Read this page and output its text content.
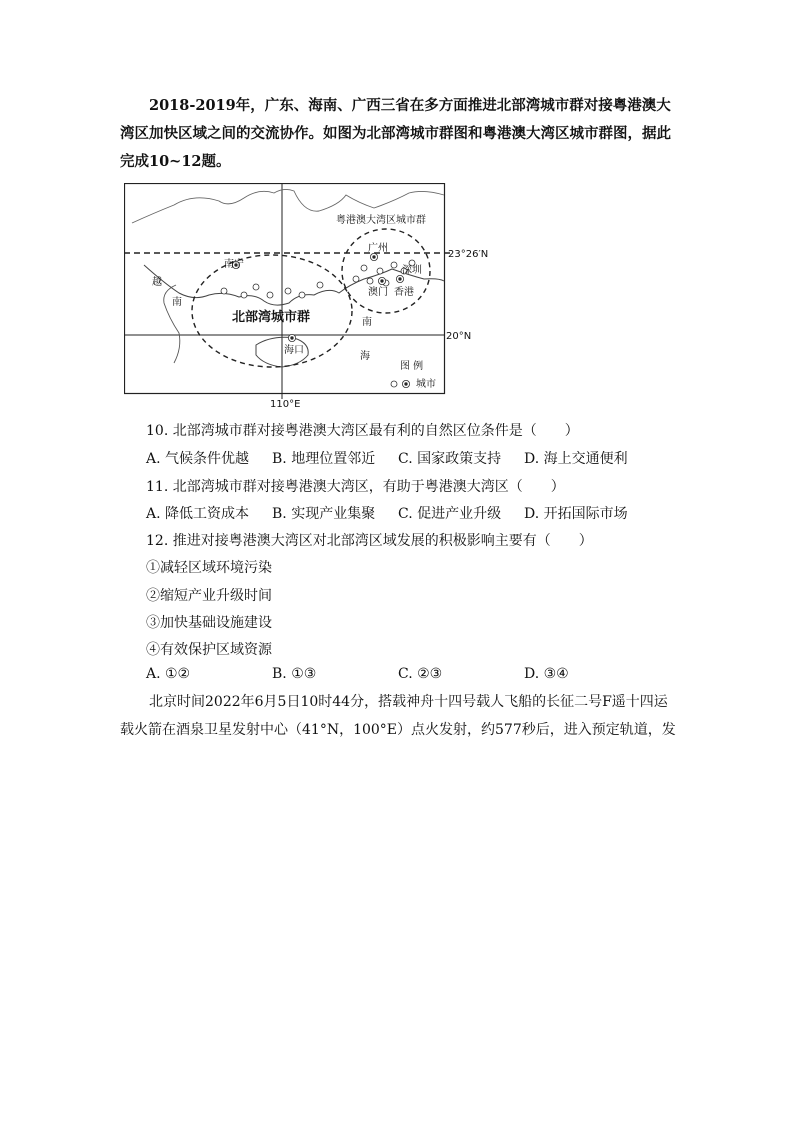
2018-2019年，广东、海南、广西三省在多方面推进北部湾城市群对接粤港澳大湾区加快区域之间的交流协作。如图为北部湾城市群图和粤港澳大湾区城市群图，据此完成10~12题。

粤港澳大湾区城市群
23°26′N
20°N
110°E
广州
深圳
澳门 香港
南宁
海口
越
南
北部湾城市群	南
海
图 例
城市

10. 北部湾城市群对接粤港澳大湾区最有利的自然区位条件是（　　）

A. 气候条件优越 B. 地理位置邻近 C. 国家政策支持 D. 海上交通便利

11. 北部湾城市群对接粤港澳大湾区，有助于粤港澳大湾区（　　）

A. 降低工资成本 B. 实现产业集聚 C. 促进产业升级 D. 开拓国际市场

12. 推进对接粤港澳大湾区对北部湾区域发展的积极影响主要有（　　）

①减轻区域环境污染

②缩短产业升级时间

③加快基础设施建设

④有效保护区域资源

A. ①②	B. ①③	C. ②③	D. ③④

北京时间2022年6月5日10时44分，搭载神舟十四号载人飞船的长征二号F遥十四运载火箭在酒泉卫星发射中心（41°N，100°E）点火发射，约577秒后，进入预定轨道，发
